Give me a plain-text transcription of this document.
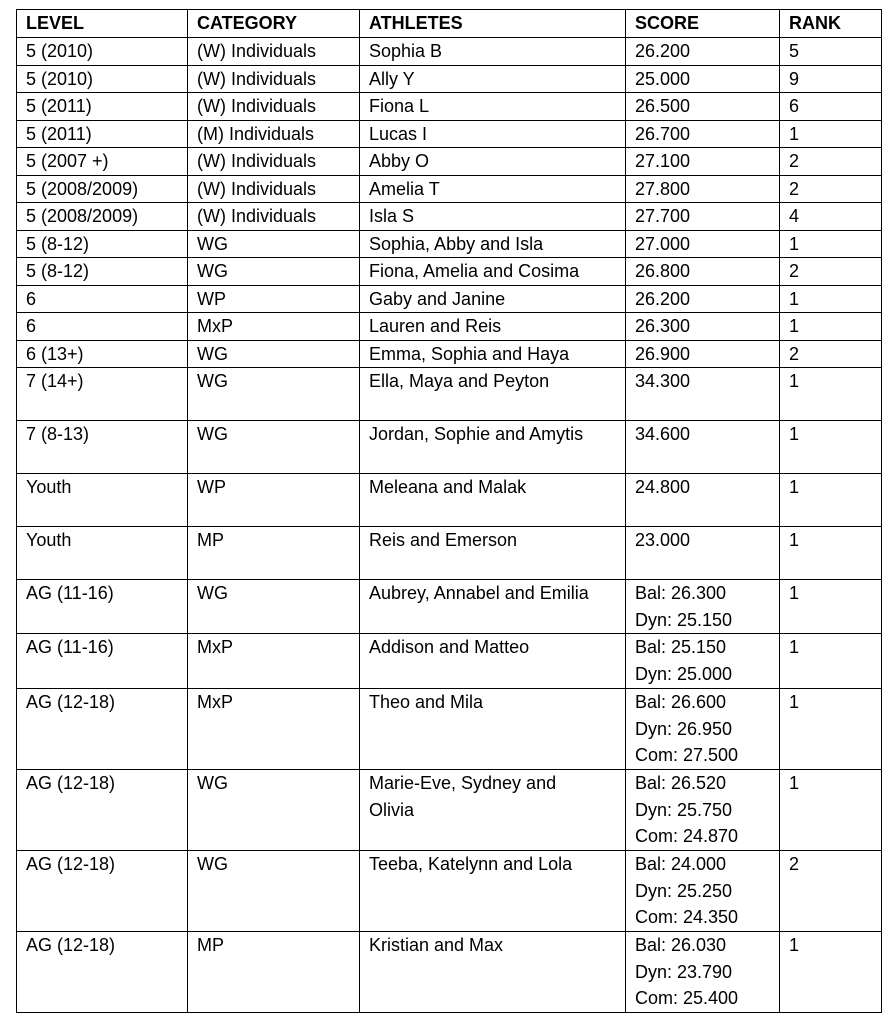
LEVEL	CATEGORY	ATHLETES	SCORE	RANK
5 (2010)	(W) Individuals	Sophia B	26.200	5
5 (2010)	(W) Individuals	Ally Y	25.000	9
5 (2011)	(W) Individuals	Fiona L	26.500	6
5 (2011)	(M) Individuals	Lucas I	26.700	1
5 (2007 +)	(W) Individuals	Abby O	27.100	2
5 (2008/2009)	(W) Individuals	Amelia T	27.800	2
5 (2008/2009)	(W) Individuals	Isla S	27.700	4
5 (8-12)	WG	Sophia, Abby and Isla	27.000	1
5 (8-12)	WG	Fiona, Amelia and Cosima	26.800	2
6	WP	Gaby and Janine	26.200	1
6	MxP	Lauren and Reis	26.300	1
6 (13+)	WG	Emma, Sophia and Haya	26.900	2
7 (14+)	WG	Ella, Maya and Peyton	34.300	1
7 (8-13)	WG	Jordan, Sophie and Amytis	34.600	1
Youth	WP	Meleana and Malak	24.800	1
Youth	MP	Reis and Emerson	23.000	1
AG (11-16)	WG	Aubrey, Annabel and Emilia	Bal: 26.300
Dyn: 25.150	1
AG (11-16)	MxP	Addison and Matteo	Bal: 25.150
Dyn: 25.000	1
AG (12-18)	MxP	Theo and Mila	Bal: 26.600
Dyn: 26.950
Com: 27.500	1
AG (12-18)	WG	Marie-Eve, Sydney and
Olivia	Bal: 26.520
Dyn: 25.750
Com: 24.870	1
AG (12-18)	WG	Teeba, Katelynn and Lola	Bal: 24.000
Dyn: 25.250
Com: 24.350	2
AG (12-18)	MP	Kristian and Max	Bal: 26.030
Dyn: 23.790
Com: 25.400	1
